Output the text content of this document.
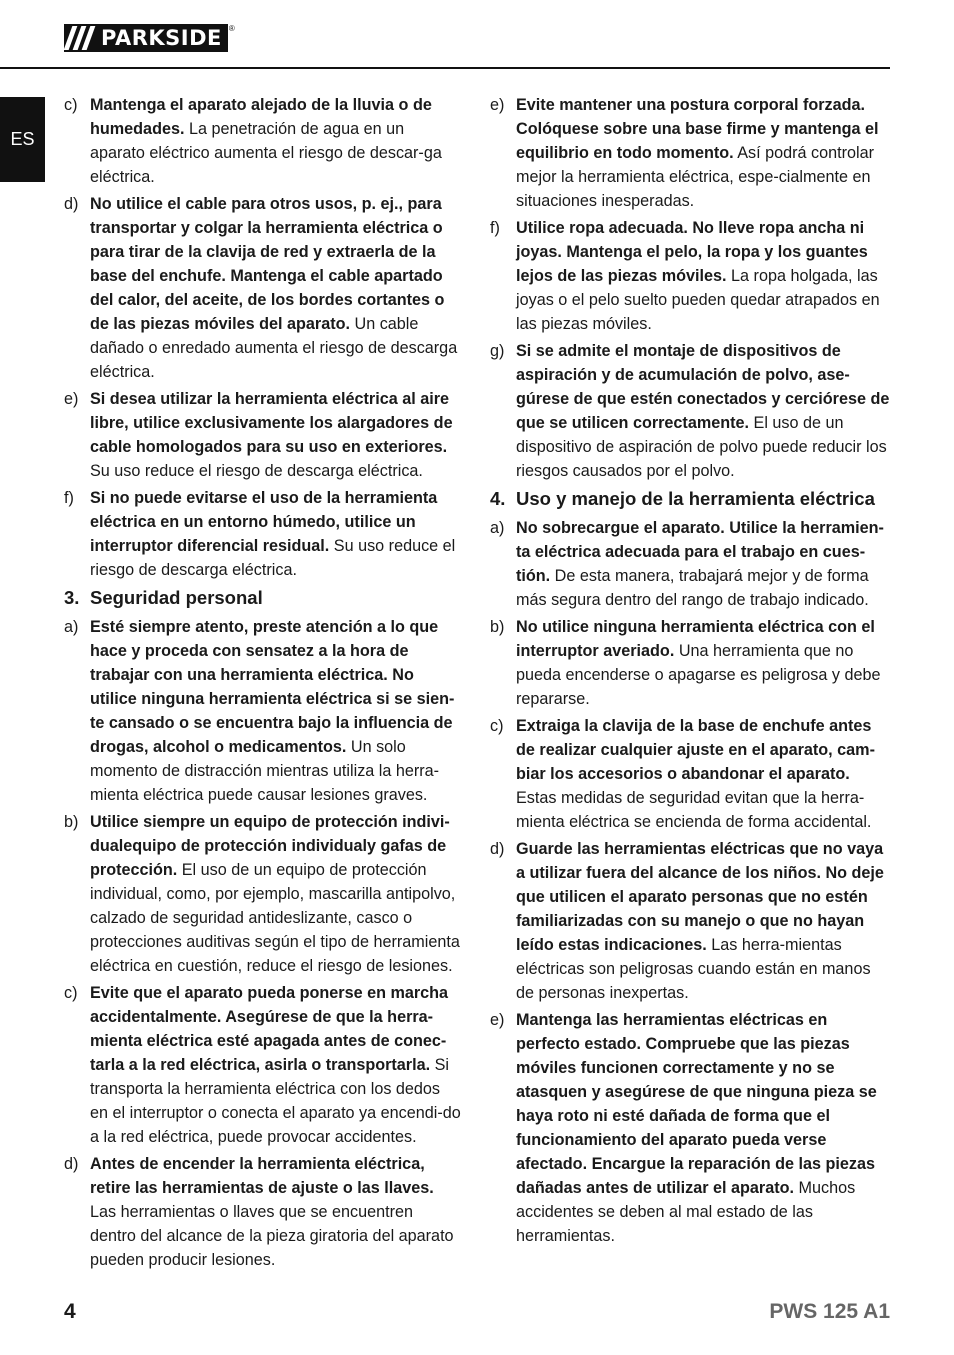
PARKSIDE ®
ES
c) Mantenga el aparato alejado de la lluvia o de humedades. La penetración de agua en un aparato eléctrico aumenta el riesgo de descar-ga eléctrica.
d) No utilice el cable para otros usos, p. ej., para transportar y colgar la herramienta eléctrica o para tirar de la clavija de red y extraerla de la base del enchufe. Mantenga el cable apartado del calor, del aceite, de los bordes cortantes o de las piezas móviles del aparato. Un cable dañado o enredado aumenta el riesgo de descarga eléctrica.
e) Si desea utilizar la herramienta eléctrica al aire libre, utilice exclusivamente los alargadores de cable homologados para su uso en exteriores. Su uso reduce el riesgo de descarga eléctrica.
f) Si no puede evitarse el uso de la herramienta eléctrica en un entorno húmedo, utilice un interruptor diferencial residual. Su uso reduce el riesgo de descarga eléctrica.
3. Seguridad personal
a) Esté siempre atento, preste atención a lo que hace y proceda con sensatez a la hora de trabajar con una herramienta eléctrica. No utilice ninguna herramienta eléctrica si se sien-te cansado o se encuentra bajo la influencia de drogas, alcohol o medicamentos. Un solo momento de distracción mientras utiliza la herra-mienta eléctrica puede causar lesiones graves.
b) Utilice siempre un equipo de protección indivi-dualequipo de protección individualy gafas de protección. El uso de un equipo de protección individual, como, por ejemplo, mascarilla antipolvo, calzado de seguridad antideslizante, casco o protecciones auditivas según el tipo de herramienta eléctrica en cuestión, reduce el riesgo de lesiones.
c) Evite que el aparato pueda ponerse en marcha accidentalmente. Asegúrese de que la herra-mienta eléctrica esté apagada antes de conec-tarla a la red eléctrica, asirla o transportarla. Si transporta la herramienta eléctrica con los dedos en el interruptor o conecta el aparato ya encendi-do a la red eléctrica, puede provocar accidentes.
d) Antes de encender la herramienta eléctrica, retire las herramientas de ajuste o las llaves. Las herramientas o llaves que se encuentren dentro del alcance de la pieza giratoria del aparato pueden producir lesiones.
e) Evite mantener una postura corporal forzada. Colóquese sobre una base firme y mantenga el equilibrio en todo momento. Así podrá controlar mejor la herramienta eléctrica, espe-cialmente en situaciones inesperadas.
f) Utilice ropa adecuada. No lleve ropa ancha ni joyas. Mantenga el pelo, la ropa y los guantes lejos de las piezas móviles. La ropa holgada, las joyas o el pelo suelto pueden quedar atrapados en las piezas móviles.
g) Si se admite el montaje de dispositivos de aspiración y de acumulación de polvo, ase-gúrese de que estén conectados y cerciórese de que se utilicen correctamente. El uso de un dispositivo de aspiración de polvo puede reducir los riesgos causados por el polvo.
4. Uso y manejo de la herramienta eléctrica
a) No sobrecargue el aparato. Utilice la herramien-ta eléctrica adecuada para el trabajo en cues-tión. De esta manera, trabajará mejor y de forma más segura dentro del rango de trabajo indicado.
b) No utilice ninguna herramienta eléctrica con el interruptor averiado. Una herramienta que no pueda encenderse o apagarse es peligrosa y debe repararse.
c) Extraiga la clavija de la base de enchufe antes de realizar cualquier ajuste en el aparato, cam-biar los accesorios o abandonar el aparato. Estas medidas de seguridad evitan que la herra-mienta eléctrica se encienda de forma accidental.
d) Guarde las herramientas eléctricas que no vaya a utilizar fuera del alcance de los niños. No deje que utilicen el aparato personas que no estén familiarizadas con su manejo o que no hayan leído estas indicaciones. Las herra-mientas eléctricas son peligrosas cuando están en manos de personas inexpertas.
e) Mantenga las herramientas eléctricas en perfecto estado. Compruebe que las piezas móviles funcionen correctamente y no se atasquen y asegúrese de que ninguna pieza se haya roto ni esté dañada de forma que el funcionamiento del aparato pueda verse afectado. Encargue la reparación de las piezas dañadas antes de utilizar el aparato. Muchos accidentes se deben al mal estado de las herramientas.
4	PWS 125 A1
